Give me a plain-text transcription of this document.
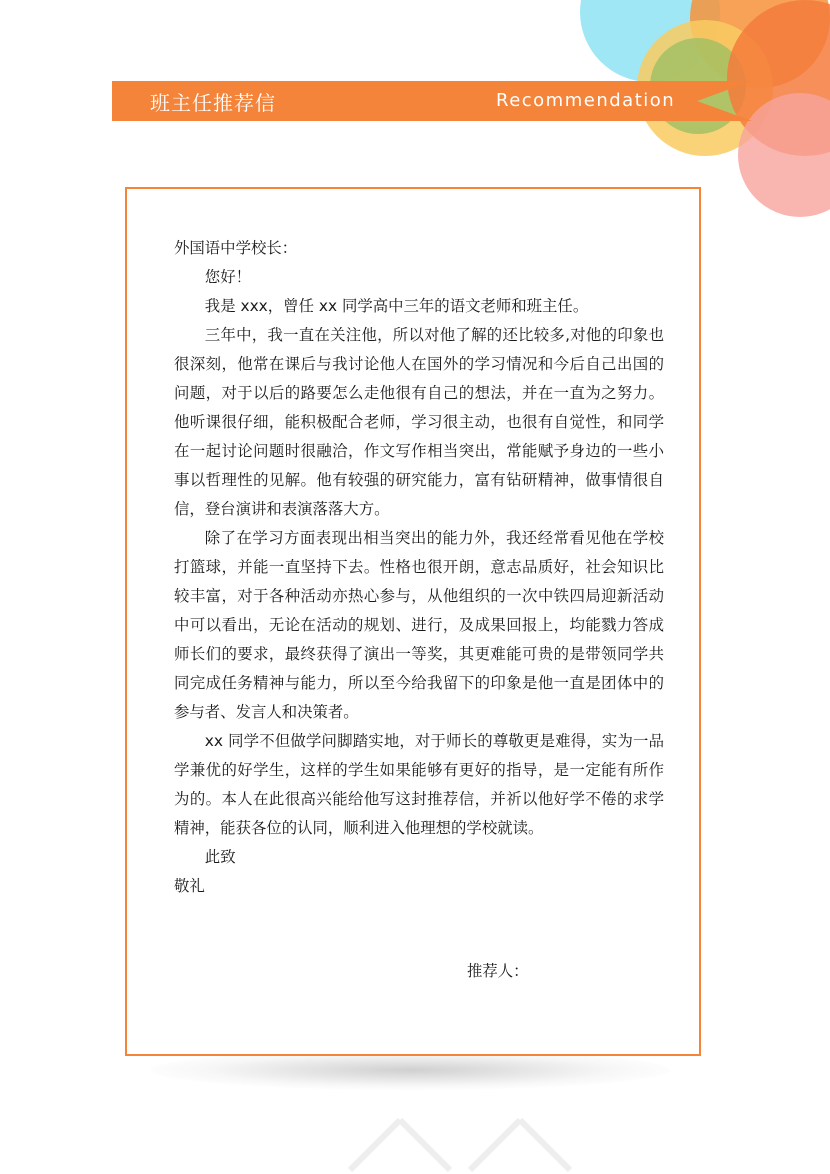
班主任推荐信	Recommendation

外国语中学校长：

您好！

我是 xxx，曾任 xx 同学高中三年的语文老师和班主任。

三年中，我一直在关注他，所以对他了解的还比较多,对他的印象也很深刻，他常在课后与我讨论他人在国外的学习情况和今后自己出国的问题，对于以后的路要怎么走他很有自己的想法，并在一直为之努力。他听课很仔细，能积极配合老师，学习很主动，也很有自觉性，和同学在一起讨论问题时很融洽，作文写作相当突出，常能赋予身边的一些小事以哲理性的见解。他有较强的研究能力，富有钻研精神，做事情很自信，登台演讲和表演落落大方。

除了在学习方面表现出相当突出的能力外，我还经常看见他在学校打篮球，并能一直坚持下去。性格也很开朗，意志品质好，社会知识比较丰富，对于各种活动亦热心参与，从他组织的一次中铁四局迎新活动中可以看出，无论在活动的规划、进行，及成果回报上，均能戮力答成师长们的要求，最终获得了演出一等奖，其更难能可贵的是带领同学共同完成任务精神与能力，所以至今给我留下的印象是他一直是团体中的参与者、发言人和决策者。

xx 同学不但做学问脚踏实地，对于师长的尊敬更是难得，实为一品学兼优的好学生，这样的学生如果能够有更好的指导，是一定能有所作为的。本人在此很高兴能给他写这封推荐信，并祈以他好学不倦的求学精神，能获各位的认同，顺利进入他理想的学校就读。

此致

敬礼

推荐人：
